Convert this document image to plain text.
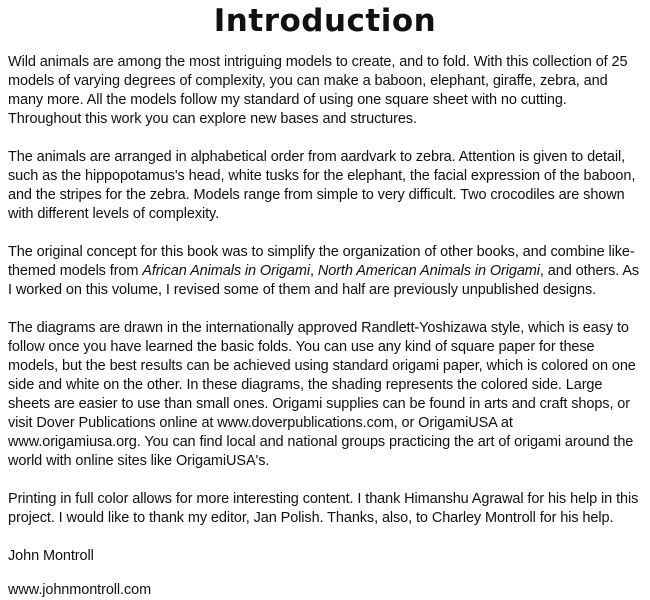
Introduction

Wild animals are among the most intriguing models to create, and to fold. With this collection of 25 models of varying degrees of complexity, you can make a baboon, elephant, giraffe, zebra, and many more. All the models follow my standard of using one square sheet with no cutting. Throughout this work you can explore new bases and structures.

The animals are arranged in alphabetical order from aardvark to zebra. Attention is given to detail, such as the hippopotamus's head, white tusks for the elephant, the facial expression of the baboon, and the stripes for the zebra. Models range from simple to very difficult. Two crocodiles are shown with different levels of complexity.

The original concept for this book was to simplify the organization of other books, and combine like-themed models from African Animals in Origami, North American Animals in Origami, and others. As I worked on this volume, I revised some of them and half are previously unpublished designs.

The diagrams are drawn in the internationally approved Randlett-Yoshizawa style, which is easy to follow once you have learned the basic folds. You can use any kind of square paper for these models, but the best results can be achieved using standard origami paper, which is colored on one side and white on the other. In these diagrams, the shading represents the colored side. Large sheets are easier to use than small ones. Origami supplies can be found in arts and craft shops, or visit Dover Publications online at www.doverpublications.com, or OrigamiUSA at www.origamiusa.org. You can find local and national groups practicing the art of origami around the world with online sites like OrigamiUSA's.

Printing in full color allows for more interesting content. I thank Himanshu Agrawal for his help in this project. I would like to thank my editor, Jan Polish. Thanks, also, to Charley Montroll for his help.

John Montroll

www.johnmontroll.com
